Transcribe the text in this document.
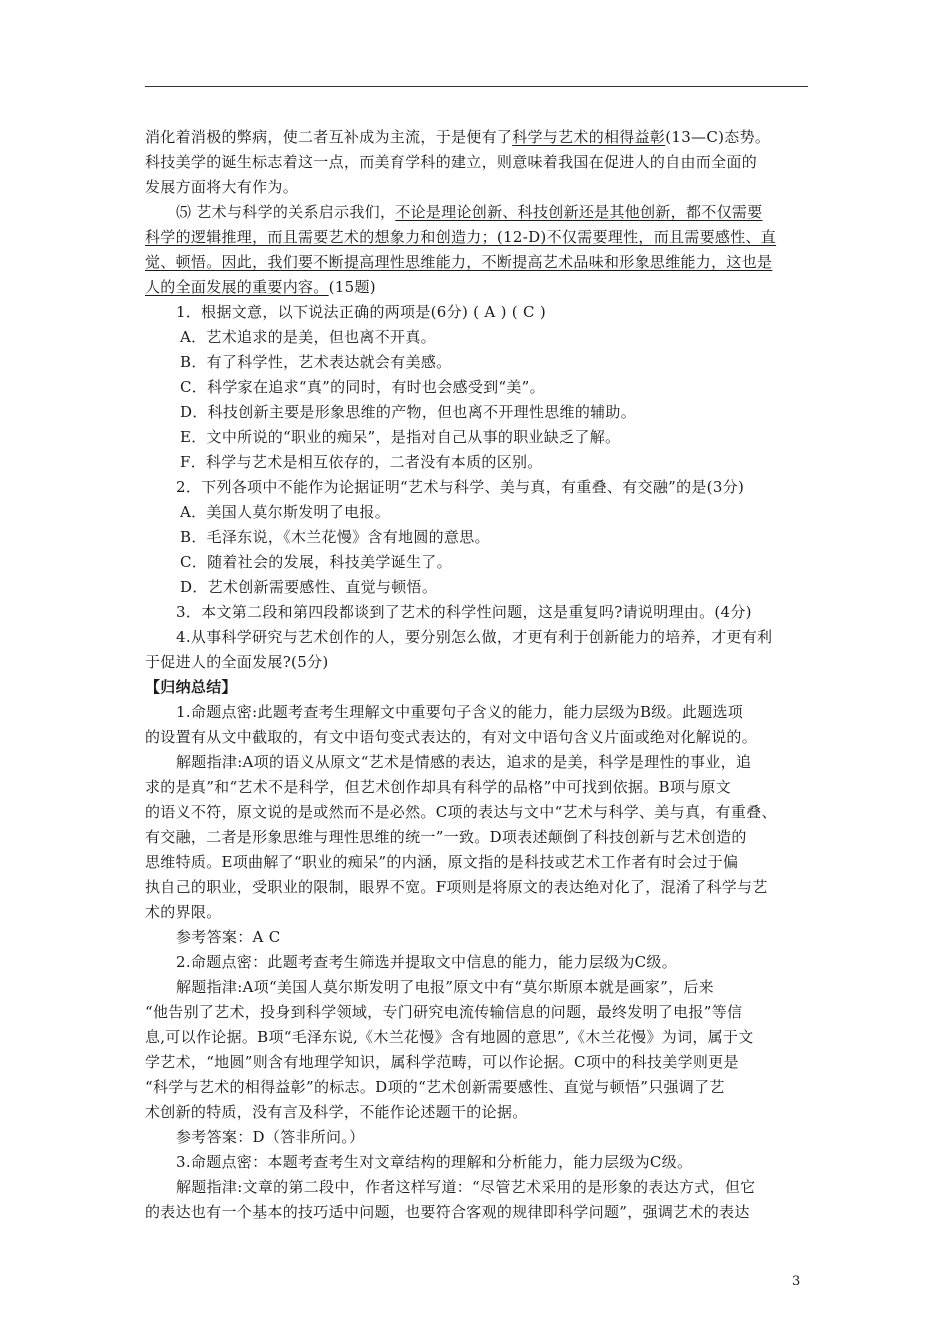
消化着消极的弊病，使二者互补成为主流，于是便有了科学与艺术的相得益彰(13—C)态势。
科技美学的诞生标志着这一点，而美育学科的建立，则意味着我国在促进人的自由而全面的
发展方面将大有作为。
⑸ 艺术与科学的关系启示我们，不论是理论创新、科技创新还是其他创新，都不仅需要
科学的逻辑推理，而且需要艺术的想象力和创造力；(12-D)不仅需要理性，而且需要感性、直
觉、顿悟。因此，我们要不断提高理性思维能力，不断提高艺术品味和形象思维能力，这也是
人的全面发展的重要内容。(15题)
1．根据文意，以下说法正确的两项是(6分) ( A ) ( C )
A．艺术追求的是美，但也离不开真。
B．有了科学性，艺术表达就会有美感。
C．科学家在追求“真”的同时，有时也会感受到“美”。
D．科技创新主要是形象思维的产物，但也离不开理性思维的辅助。
E．文中所说的“职业的痴呆”，是指对自己从事的职业缺乏了解。
F．科学与艺术是相互依存的，二者没有本质的区别。
2．下列各项中不能作为论据证明“艺术与科学、美与真，有重叠、有交融”的是(3分)
A．美国人莫尔斯发明了电报。
B．毛泽东说，《木兰花慢》含有地圆的意思。
C．随着社会的发展，科技美学诞生了。
D．艺术创新需要感性、直觉与顿悟。
3．本文第二段和第四段都谈到了艺术的科学性问题，这是重复吗?请说明理由。(4分)
4.从事科学研究与艺术创作的人，要分别怎么做，才更有利于创新能力的培养，才更有利
于促进人的全面发展?(5分)
【归纳总结】
1.命题点密:此题考查考生理解文中重要句子含义的能力，能力层级为B级。此题选项
的设置有从文中截取的，有文中语句变式表达的，有对文中语句含义片面或绝对化解说的。
解题指津:A项的语义从原文“艺术是情感的表达，追求的是美，科学是理性的事业，追
求的是真”和“艺术不是科学，但艺术创作却具有科学的品格”中可找到依据。B项与原文
的语义不符，原文说的是或然而不是必然。C项的表达与文中“艺术与科学、美与真，有重叠、
有交融，二者是形象思维与理性思维的统一”一致。D项表述颠倒了科技创新与艺术创造的
思维特质。E项曲解了“职业的痴呆”的内涵，原文指的是科技或艺术工作者有时会过于偏
执自己的职业，受职业的限制，眼界不宽。F项则是将原文的表达绝对化了，混淆了科学与艺
术的界限。
参考答案：A C
2.命题点密：此题考查考生筛选并提取文中信息的能力，能力层级为C级。
解题指津:A项“美国人莫尔斯发明了电报”原文中有“莫尔斯原本就是画家”，后来
“他告别了艺术，投身到科学领域，专门研究电流传输信息的问题，最终发明了电报”等信
息,可以作论据。B项“毛泽东说,《木兰花慢》含有地圆的意思”,《木兰花慢》为词，属于文
学艺术，“地圆”则含有地理学知识，属科学范畴，可以作论据。C项中的科技美学则更是
“科学与艺术的相得益彰”的标志。D项的“艺术创新需要感性、直觉与顿悟”只强调了艺
术创新的特质，没有言及科学，不能作论述题干的论据。
参考答案：D（答非所问。）
3.命题点密：本题考查考生对文章结构的理解和分析能力，能力层级为C级。
解题指津:文章的第二段中，作者这样写道：“尽管艺术采用的是形象的表达方式，但它
的表达也有一个基本的技巧适中问题，也要符合客观的规律即科学问题”，强调艺术的表达
3
